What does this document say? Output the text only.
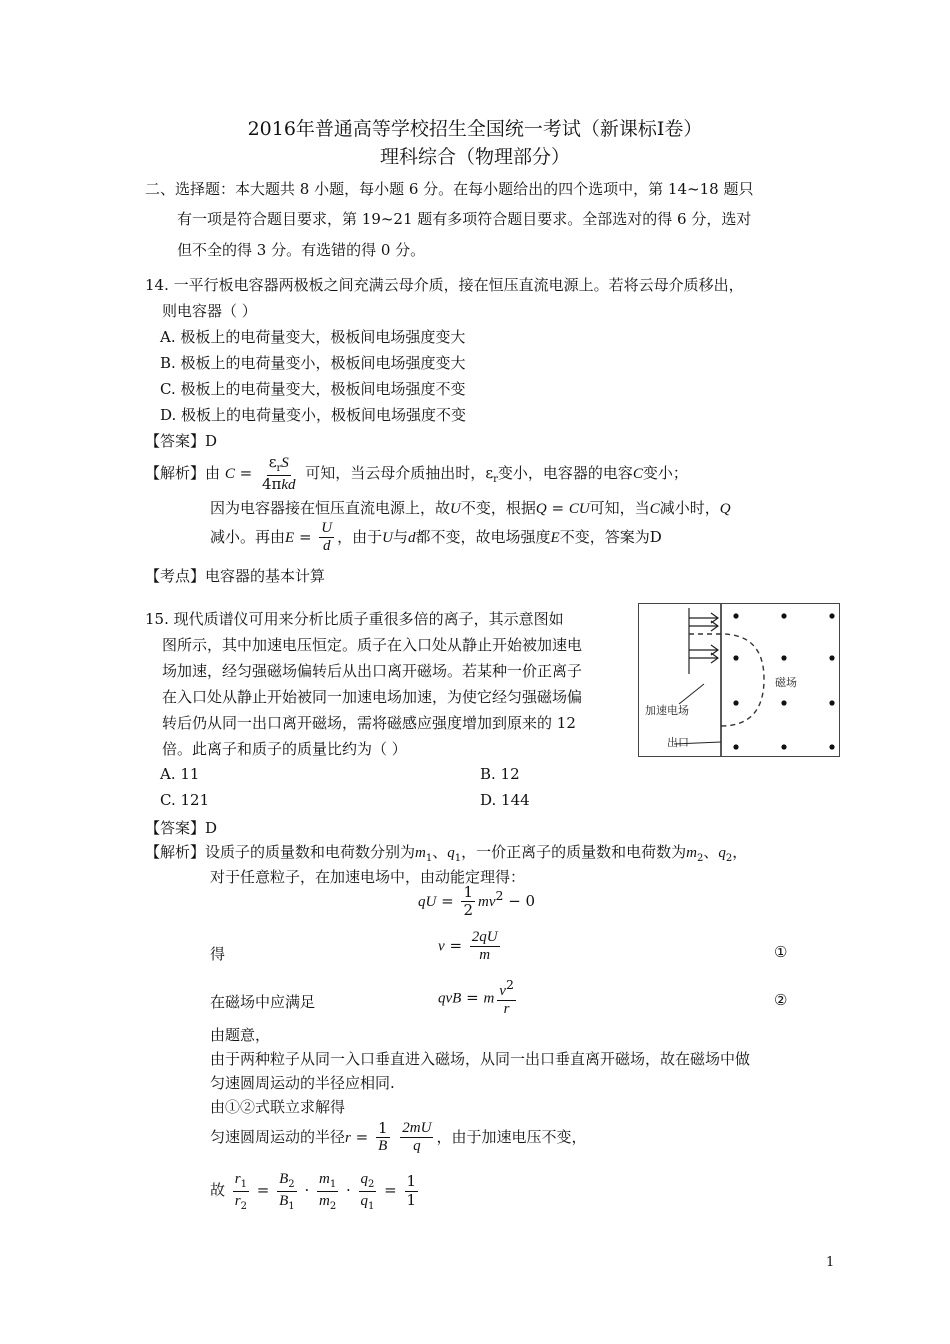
2016年普通高等学校招生全国统一考试（新课标Ⅰ卷）
理科综合（物理部分）
二、选择题：本大题共 8 小题，每小题 6 分。在每小题给出的四个选项中，第 14~18 题只
有一项是符合题目要求，第 19~21 题有多项符合题目要求。全部选对的得 6 分，选对
但不全的得 3 分。有选错的得 0 分。
14. 一平行板电容器两极板之间充满云母介质，接在恒压直流电源上。若将云母介质移出，
则电容器（ ）
A. 极板上的电荷量变大，极板间电场强度变大
B. 极板上的电荷量变小，极板间电场强度变大
C. 极板上的电荷量变大，极板间电场强度不变
D. 极板上的电荷量变小，极板间电场强度不变
【答案】D
【解析】由 $C = \frac{\varepsilon_rS}{\text{4πkd}}$ 可知，当云母介质抽出时，$\varepsilon_r$变小，电容器的电容C变小；
因为电容器接在恒压直流电源上，故U不变，根据Q = CU可知，当C减小时，Q
减小。再由$E = \frac{U}{d}$ ，由于U与d都不变，故电场强度E不变，答案为D
【考点】电容器的基本计算
15. 现代质谱仪可用来分析比质子重很多倍的离子，其示意图如
图所示，其中加速电压恒定。质子在入口处从静止开始被加速电
场加速，经匀强磁场偏转后从出口离开磁场。若某种一价正离子
在入口处从静止开始被同一加速电场加速，为使它经匀强磁场偏
转后仍从同一出口离开磁场，需将磁感应强度增加到原来的 12
倍。此离子和质子的质量比约为（ ）
A. 11	B. 12
C. 121	D. 144
【答案】D
【解析】设质子的质量数和电荷数分别为$m_1$、$q_1$，一价正离子的质量数和电荷数为$m_2$、$q_2$，
对于任意粒子，在加速电场中，由动能定理得：
qU = $\frac{1}{2} mv^2 - 0$
得	$v = \frac{2qU}{m}$	①
在磁场中应满足	qvB = m $\frac{v^2}{r}$	②
由题意，
由于两种粒子从同一入口垂直进入磁场，从同一出口垂直离开磁场，故在磁场中做
匀速圆周运动的半径应相同.
由①②式联立求解得
匀速圆周运动的半径$r = \frac{1}{B}$
$\frac{2mU}{q}$ ，由于加速电压不变，
故 $\frac{r_1}{r_2} = \frac{B_2}{B_1} \cdot \frac{m_1}{m_2} \cdot \frac{q_2}{q_1} = \frac{1}{1}$
加速电场
磁场
出口
1
